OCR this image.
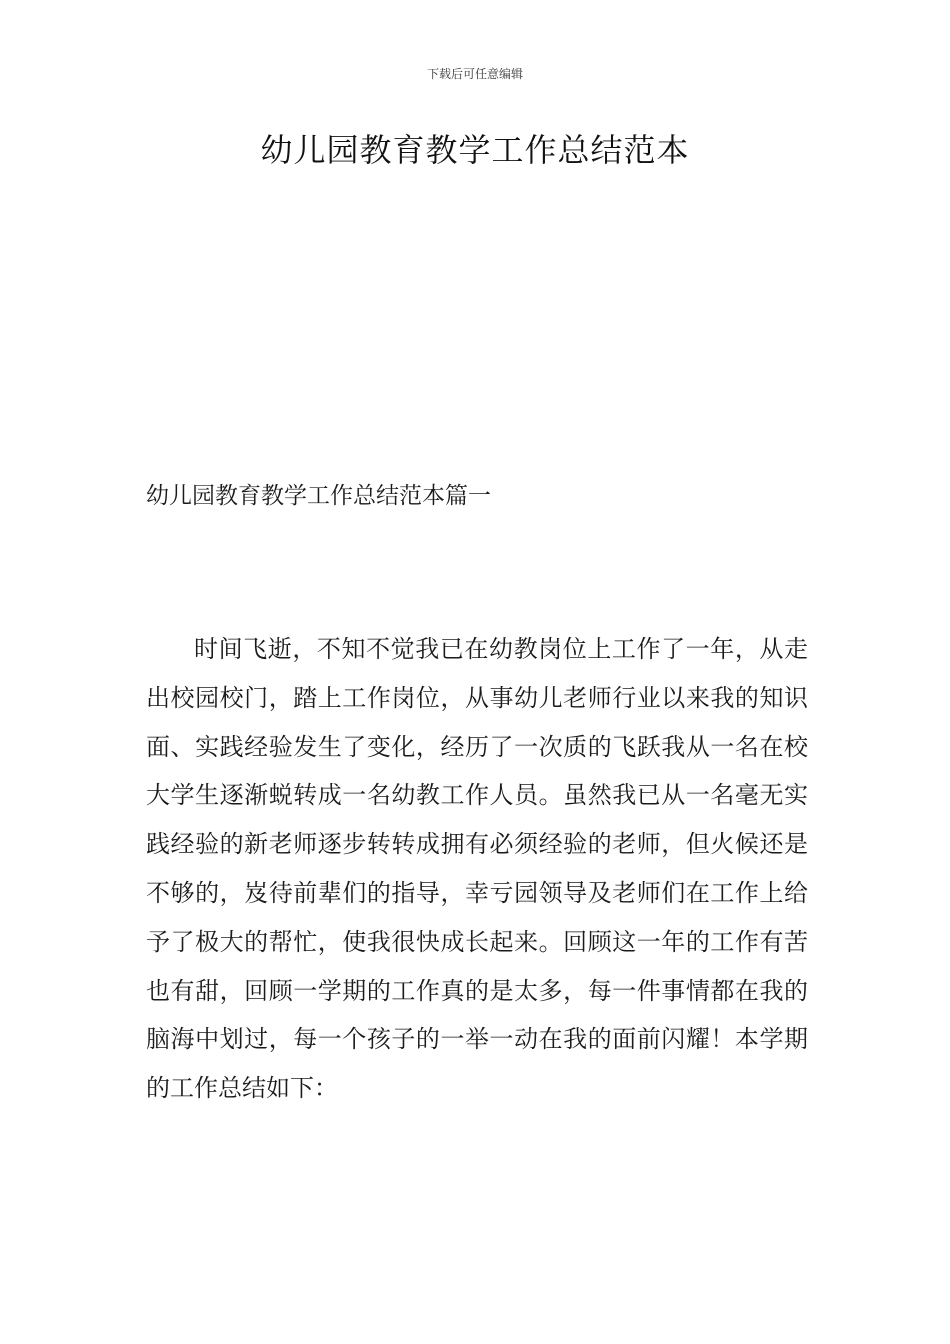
下载后可任意编辑
幼儿园教育教学工作总结范本
幼儿园教育教学工作总结范本篇一

时间飞逝，不知不觉我已在幼教岗位上工作了一年，从走出校园校门，踏上工作岗位，从事幼儿老师行业以来我的知识面、实践经验发生了变化，经历了一次质的飞跃我从一名在校大学生逐渐蜕转成一名幼教工作人员。虽然我已从一名毫无实践经验的新老师逐步转转成拥有必须经验的老师，但火候还是不够的，岌待前辈们的指导，幸亏园领导及老师们在工作上给予了极大的帮忙，使我很快成长起来。回顾这一年的工作有苦也有甜，回顾一学期的工作真的是太多，每一件事情都在我的脑海中划过，每一个孩子的一举一动在我的面前闪耀！本学期的工作总结如下：
